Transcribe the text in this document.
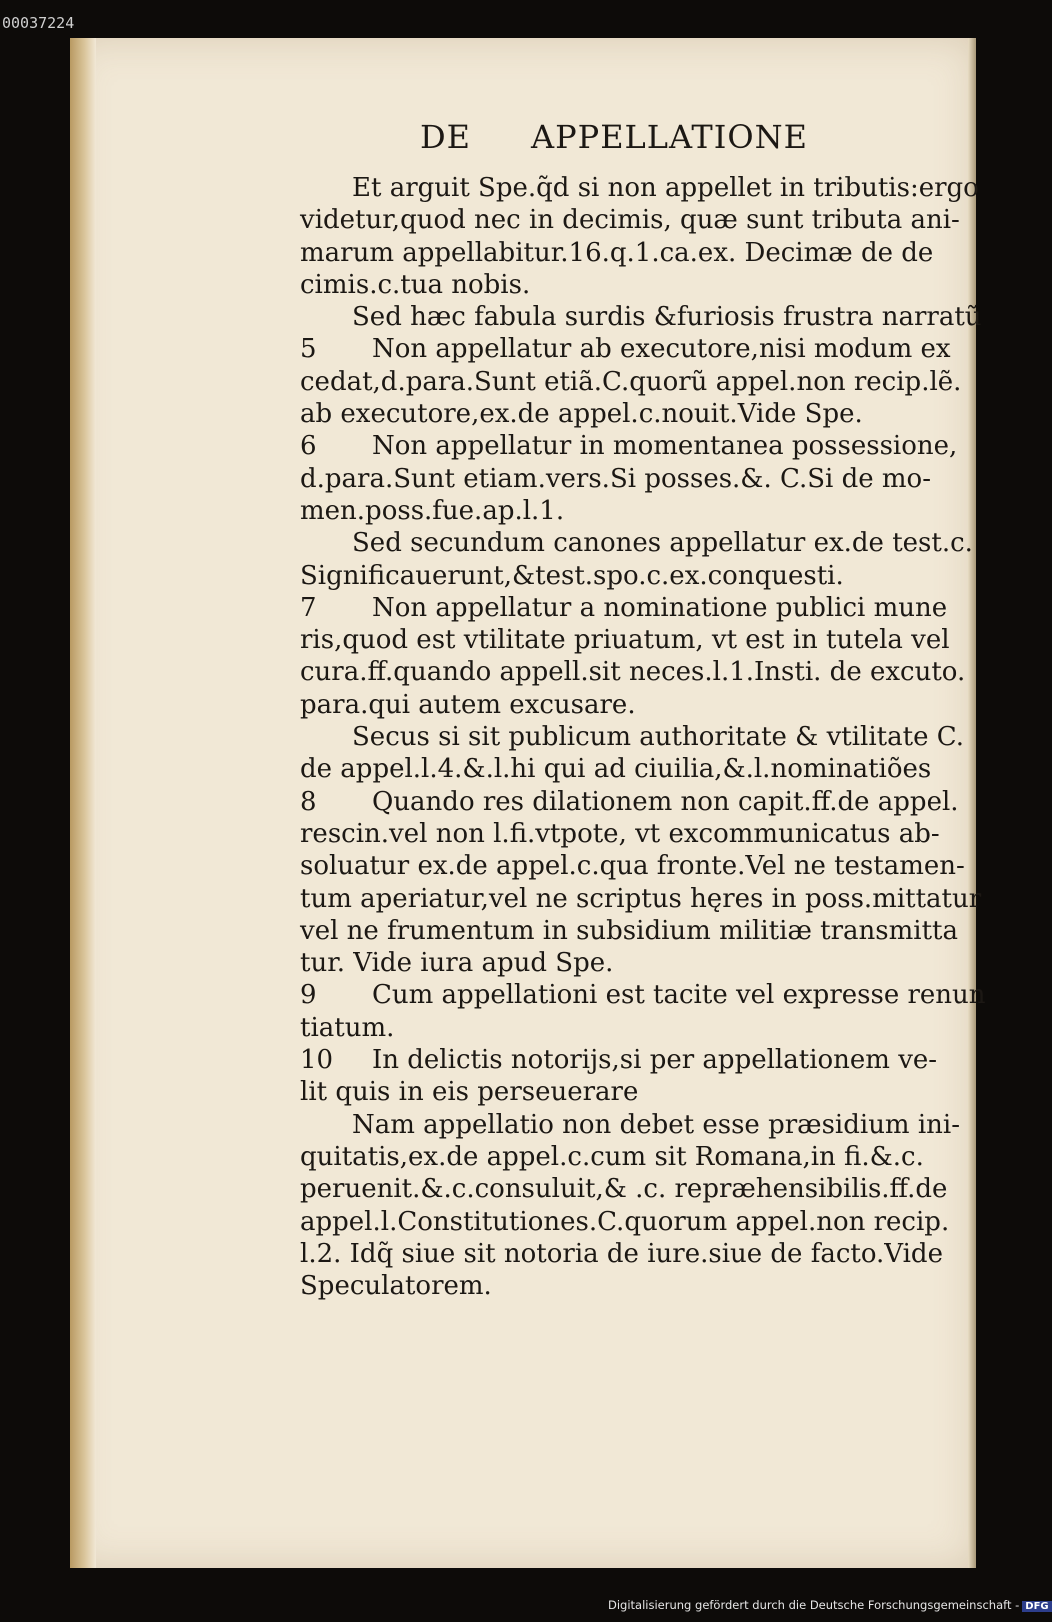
00037224
DE APPELLATIONE
Et arguit Spe.q̃d si non appellet in tributis:ergo
videtur,quod nec in decimis, quæ sunt tributa ani-
marum appellabitur.16.q.1.ca.ex. Decimæ de de
cimis.c.tua nobis.
Sed hæc fabula surdis &furiosis frustra narratũ
5 Non appellatur ab executore,nisi modum ex
cedat,d.para.Sunt etiã.C.quorũ appel.non recip.lẽ.
ab executore,ex.de appel.c.nouit.Vide Spe.
6 Non appellatur in momentanea possessione,
d.para.Sunt etiam.vers.Si posses.&. C.Si de mo-
men.poss.fue.ap.l.1.
Sed secundum canones appellatur ex.de test.c.
Significauerunt,&test.spo.c.ex.conquesti.
7 Non appellatur a nominatione publici mune
ris,quod est vtilitate priuatum, vt est in tutela vel
cura.ff.quando appell.sit neces.l.1.Insti. de excuto.
para.qui autem excusare.
Secus si sit publicum authoritate & vtilitate C.
de appel.l.4.&.l.hi qui ad ciuilia,&.l.nominatiões
8 Quando res dilationem non capit.ff.de appel.
rescin.vel non l.fi.vtpote, vt excommunicatus ab-
soluatur ex.de appel.c.qua fronte.Vel ne testamen-
tum aperiatur,vel ne scriptus hęres in poss.mittatur
vel ne frumentum in subsidium militiæ transmitta
tur. Vide iura apud Spe.
9 Cum appellationi est tacite vel expresse renun
tiatum.
10 In delictis notorijs,si per appellationem ve-
lit quis in eis perseuerare
Nam appellatio non debet esse præsidium ini-
quitatis,ex.de appel.c.cum sit Romana,in fi.&.c.
peruenit.&.c.consuluit,& .c. repræhensibilis.ff.de
appel.l.Constitutiones.C.quorum appel.non recip.
l.2. Idq̃ siue sit notoria de iure.siue de facto.Vide
Speculatorem.
Digitalisierung gefördert durch die Deutsche Forschungsgemeinschaft - DFG
